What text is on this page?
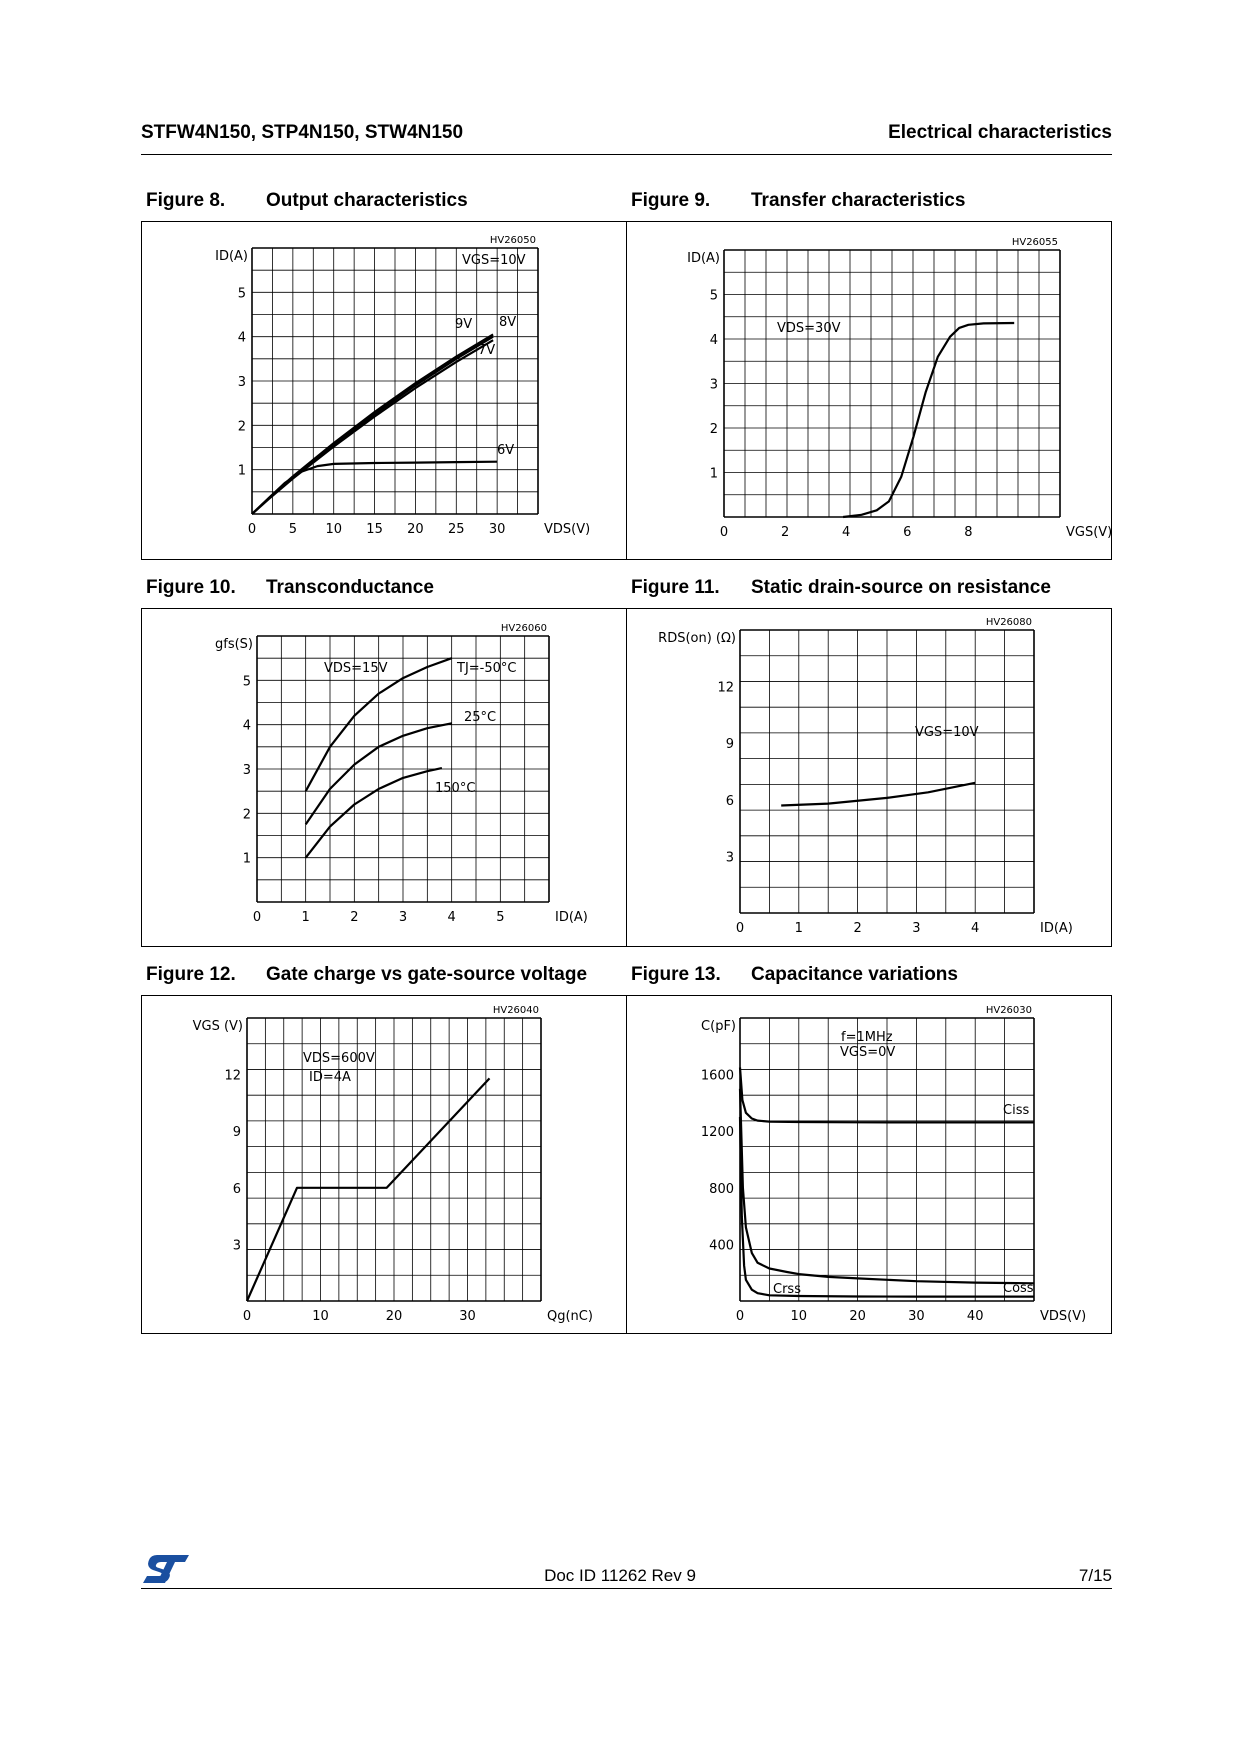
STFW4N150, STP4N150, STW4N150	Electrical characteristics
Figure 8. Output characteristics	Figure 9. Transfer characteristics
Figure 10. Transconductance	Figure 11. Static drain-source on resistance
Figure 12. Gate charge vs gate-source voltage Figure 13. Capacitance variations
HV26050
0	5 10 15 20 25 30
1
2
3
4
5
VDS(V)
ID(A)
9V 8V
7V
6V
VGS=10V
HV26055
0	2	4	6	8
1
2
3
4
5
VGS(V)
ID(A)
VDS=30V
HV26060
0	1	2	3	4	5
1
2
3
4
5
ID(A)
gfs(S)
TJ=-50°C
25°C
150°C
VDS=15V
HV26080
0	1	2	3	4
3
6
9
12
ID(A)
RDS(on) (Ω)
VGS=10V
HV26040
0	10	20	30
3
6
9
12
Qg(nC)
VGS (V)
VDS=600V
ID=4A
HV26030
0	10	20	30	40
400
800
1200
1600
VDS(V)
C(pF)
Ciss
Coss
Crss
f=1MHz
VGS=0V
Doc ID 11262 Rev 9	7/15
